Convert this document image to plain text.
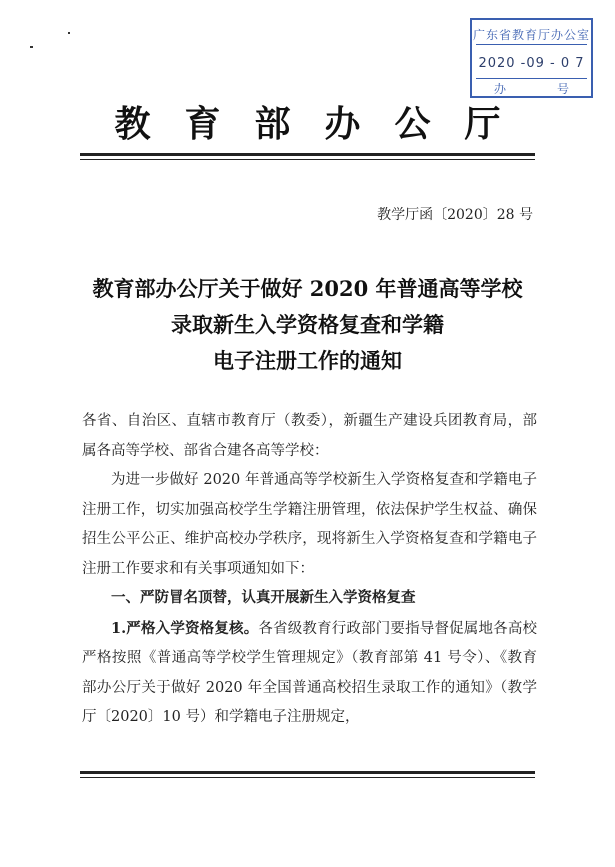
广东省教育厅办公室
2020 -09 - 0 7
办	号
教育部办公厅
教学厅函〔2020〕28 号
教育部办公厅关于做好 2020 年普通高等学校
录取新生入学资格复查和学籍
电子注册工作的通知

各省、自治区、直辖市教育厅（教委），新疆生产建设兵团教育局，部属各高等学校、部省合建各高等学校：

为进一步做好 2020 年普通高等学校新生入学资格复查和学籍电子注册工作，切实加强高校学生学籍注册管理，依法保护学生权益、确保招生公平公正、维护高校办学秩序，现将新生入学资格复查和学籍电子注册工作要求和有关事项通知如下：

一、严防冒名顶替，认真开展新生入学资格复查

1.严格入学资格复核。各省级教育行政部门要指导督促属地各高校严格按照《普通高等学校学生管理规定》（教育部第 41 号令）、《教育部办公厅关于做好 2020 年全国普通高校招生录取工作的通知》（教学厅〔2020〕10 号）和学籍电子注册规定，
